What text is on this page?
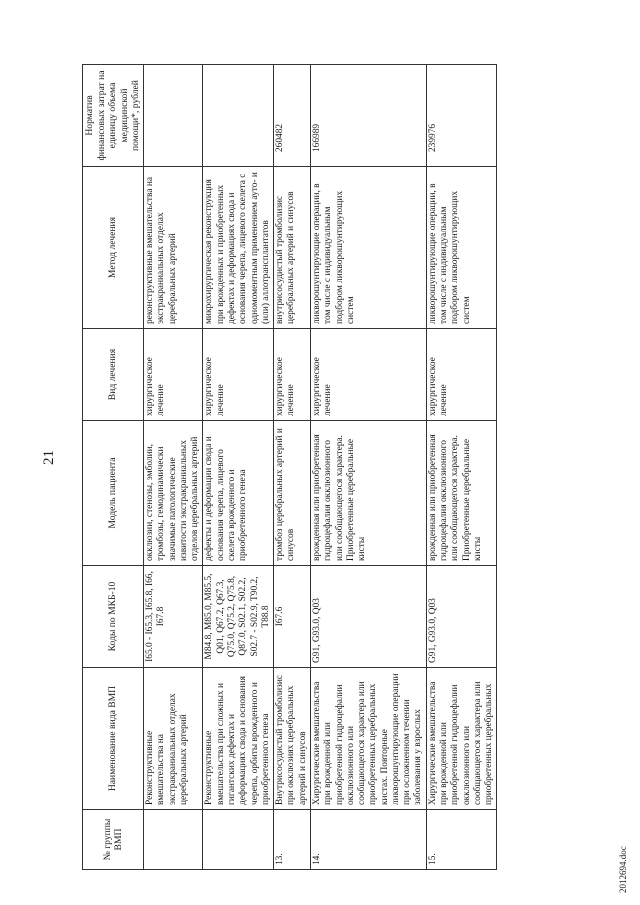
21
№ группы ВМП	Наименование вида ВМП	Коды по МКБ-10	Модель пациента	Вид лечения	Метод лечения	Норматив финансовых затрат на единицу объема медицинской помощи*, рублей
	Реконструктивные вмешательства на экстракраниальных отделах церебральных артерий	I65.0 - I65.3, I65.8, I66, I67.8	окклюзии, стенозы, эмболии, тромбозы, гемодинамически значимые патологические извитости экстракраниальных отделов церебральных артерий	хирургическое лечение	реконструктивные вмешательства на экстракраниальных отделах церебральных артерий	
	Реконструктивные вмешательства при сложных и гигантских дефектах и деформациях свода и основания черепа, орбиты врожденного и приобретенного генеза	M84.8, M85.0, M85.5, Q01, Q67.2, Q67.3, Q75.0, Q75.2, Q75.8, Q87.0, S02.1, S02.2, S02.7 - S02.9, T90.2, T88.8	дефекты и деформации свода и основания черепа, лицевого скелета врожденного и приобретенного генеза	хирургическое лечение	микрохирургическая реконструкция при врожденных и приобретенных дефектах и деформациях свода и основания черепа, лицевого скелета с одномоментным применением ауто- и (или) аллотрансплантатов	
13.	Внутрисосудистый тромболизис при окклюзиях церебральных артерий и синусов	I67.6	тромбоз церебральных артерий и синусов	хирургическое лечение	внутрисосудистый тромболизис церебральных артерий и синусов	260482
14.	Хирургические вмешательства при врожденной или приобретенной гидроцефалии окклюзионного или сообщающегося характера или приобретенных церебральных кистах. Повторные ликворошунтирующие операции при осложненном течении заболевания у взрослых	G91, G93.0, Q03	врожденная или приобретенная гидроцефалия окклюзионного или сообщающегося характера. Приобретенные церебральные кисты	хирургическое лечение	ликворошунтирующие операции, в том числе с индивидуальным подбором ликворошунтирующих систем	166989
15.	Хирургические вмешательства при врожденной или приобретенной гидроцефалии окклюзионного или сообщающегося характера или приобретенных церебральных	G91, G93.0, Q03	врожденная или приобретенная гидроцефалия окклюзионного или сообщающегося характера. Приобретенные церебральные кисты	хирургическое лечение	ликворошунтирующие операции, в том числе с индивидуальным подбором ликворошунтирующих систем	239976
2012694.doc
